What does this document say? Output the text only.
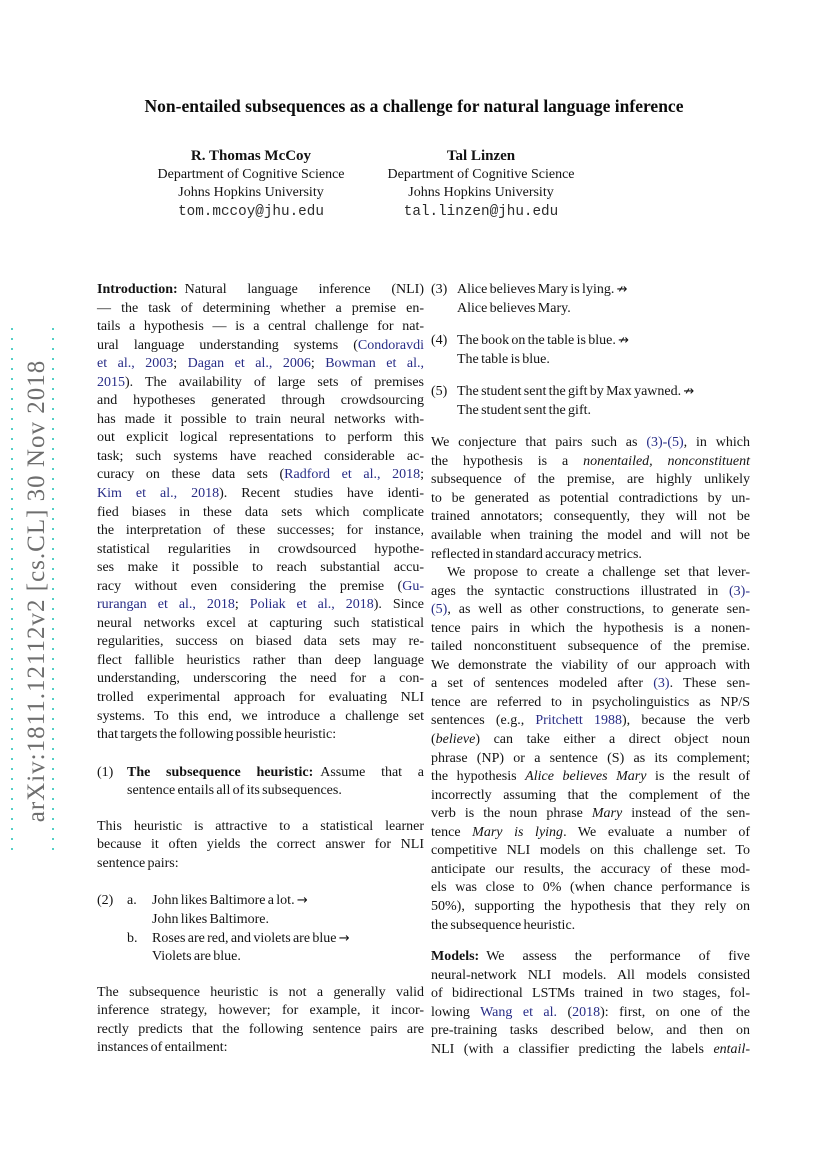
arXiv:1811.12112v2 [cs.CL] 30 Nov 2018
Non-entailed subsequences as a challenge for natural language inference
R. Thomas McCoy
Department of Cognitive Science
Johns Hopkins University
tom.mccoy@jhu.edu
Tal Linzen
Department of Cognitive Science
Johns Hopkins University
tal.linzen@jhu.edu
Introduction: Natural language inference (NLI)
— the task of determining whether a premise en-
tails a hypothesis — is a central challenge for nat-
ural language understanding systems (Condoravdi
et al., 2003; Dagan et al., 2006; Bowman et al.,
2015). The availability of large sets of premises
and hypotheses generated through crowdsourcing
has made it possible to train neural networks with-
out explicit logical representations to perform this
task; such systems have reached considerable ac-
curacy on these data sets (Radford et al., 2018;
Kim et al., 2018). Recent studies have identi-
fied biases in these data sets which complicate
the interpretation of these successes; for instance,
statistical regularities in crowdsourced hypothe-
ses make it possible to reach substantial accu-
racy without even considering the premise (Gu-
rurangan et al., 2018; Poliak et al., 2018). Since
neural networks excel at capturing such statistical
regularities, success on biased data sets may re-
flect fallible heuristics rather than deep language
understanding, underscoring the need for a con-
trolled experimental approach for evaluating NLI
systems. To this end, we introduce a challenge set
that targets the following possible heuristic:
(1) The subsequence heuristic: Assume that a
sentence entails all of its subsequences.
This heuristic is attractive to a statistical learner
because it often yields the correct answer for NLI
sentence pairs:
(2) a. John likes Baltimore a lot. →
John likes Baltimore.
b. Roses are red, and violets are blue →
Violets are blue.
The subsequence heuristic is not a generally valid
inference strategy, however; for example, it incor-
rectly predicts that the following sentence pairs are
instances of entailment:
(3) Alice believes Mary is lying. ↛
Alice believes Mary.
(4) The book on the table is blue. ↛
The table is blue.
(5) The student sent the gift by Max yawned. ↛
The student sent the gift.
We conjecture that pairs such as (3)-(5), in which
the hypothesis is a nonentailed, nonconstituent
subsequence of the premise, are highly unlikely
to be generated as potential contradictions by un-
trained annotators; consequently, they will not be
available when training the model and will not be
reflected in standard accuracy metrics.
We propose to create a challenge set that lever-
ages the syntactic constructions illustrated in (3)-
(5), as well as other constructions, to generate sen-
tence pairs in which the hypothesis is a nonen-
tailed nonconstituent subsequence of the premise.
We demonstrate the viability of our approach with
a set of sentences modeled after (3). These sen-
tence are referred to in psycholinguistics as NP/S
sentences (e.g., Pritchett 1988), because the verb
(believe) can take either a direct object noun
phrase (NP) or a sentence (S) as its complement;
the hypothesis Alice believes Mary is the result of
incorrectly assuming that the complement of the
verb is the noun phrase Mary instead of the sen-
tence Mary is lying. We evaluate a number of
competitive NLI models on this challenge set. To
anticipate our results, the accuracy of these mod-
els was close to 0% (when chance performance is
50%), supporting the hypothesis that they rely on
the subsequence heuristic.
Models: We assess the performance of five
neural-network NLI models. All models consisted
of bidirectional LSTMs trained in two stages, fol-
lowing Wang et al. (2018): first, on one of the
pre-training tasks described below, and then on
NLI (with a classifier predicting the labels entail-
